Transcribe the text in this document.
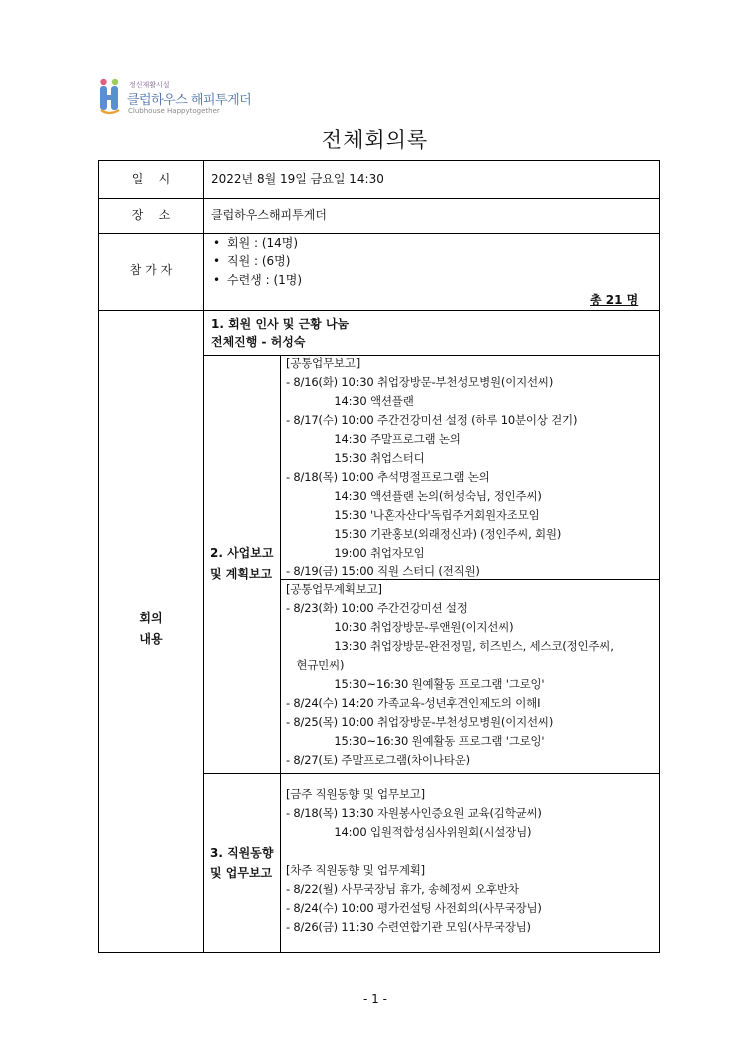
정신재활시설
클럽하우스 해피투게더
Clubhouse Happytogether
전체회의록
일    시	2022년 8월 19일 금요일 14:30
장    소	클럽하우스해피투게더
참 가 자
• 회원 : (14명)
• 직원 : (6명)
• 수련생 : (1명)
총 21 명
회의
내용
1. 회원 인사 및 근황 나눔
전체진행 - 허성숙
2. 사업보고
및 계획보고
[공통업무보고]
- 8/16(화) 10:30 취업장방문-부천성모병원(이지선씨)
14:30 액션플랜
- 8/17(수) 10:00 주간건강미션 설정 (하루 10분이상 걷기)
14:30 주말프로그램 논의
15:30 취업스터디
- 8/18(목) 10:00 추석명절프로그램 논의
14:30 액션플랜 논의(허성숙님, 정인주씨)
15:30 '나혼자산다'독립주거회원자조모임
15:30 기관홍보(외래정신과) (정인주씨, 회원)
19:00 취업자모임
- 8/19(금) 15:00 직원 스터디 (전직원)
[공통업무계획보고]
- 8/23(화) 10:00 주간건강미션 설정
10:30 취업장방문-루앤원(이지선씨)
13:30 취업장방문-완전정밀, 히즈빈스, 세스코(정인주씨,
현규민씨)
15:30~16:30 원예활동 프로그램 '그로잉'
- 8/24(수) 14:20 가족교육-성년후견인제도의 이해Ⅰ
- 8/25(목) 10:00 취업장방문-부천성모병원(이지선씨)
15:30~16:30 원예활동 프로그램 '그로잉'
- 8/27(토) 주말프로그램(차이나타운)
3. 직원동향
및 업무보고
[금주 직원동향 및 업무보고]
- 8/18(목) 13:30 자원봉사인증요원 교육(김학균씨)
14:00 입원적합성심사위원회(시설장님)
[차주 직원동향 및 업무계획]
- 8/22(월) 사무국장님 휴가, 송혜정씨 오후반차
- 8/24(수) 10:00 평가컨설팅 사전회의(사무국장님)
- 8/26(금) 11:30 수련연합기관 모임(사무국장님)
- 1 -
